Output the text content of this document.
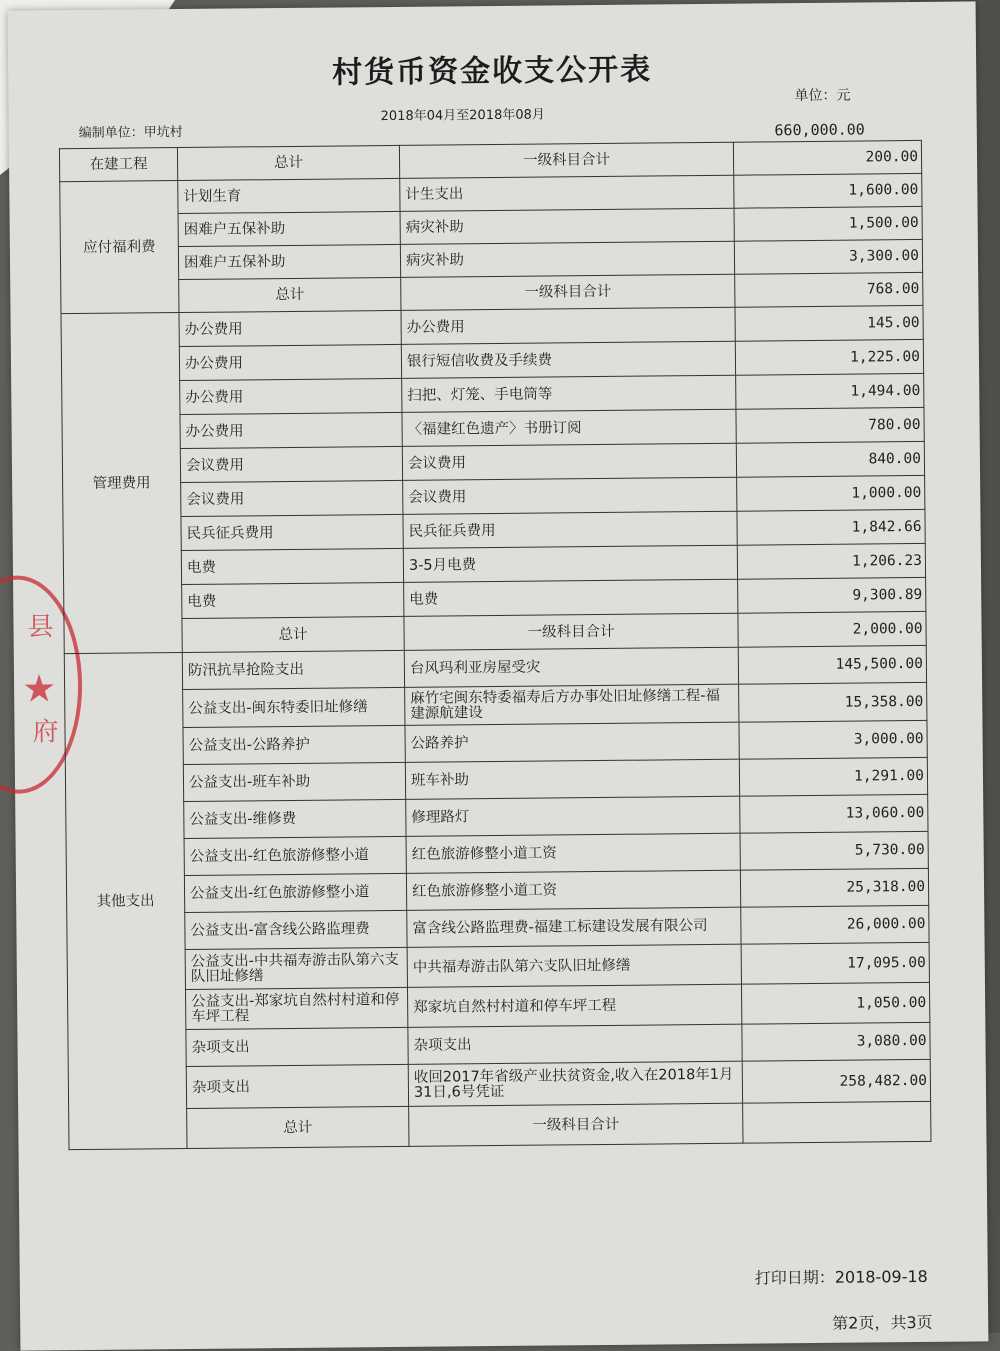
县
★
府
村货币资金收支公开表
单位：元
2018年04月至2018年08月
编制单位：甲坑村	660,000.00
在建工程	总计	一级科目合计	200.00
应付福利费	计划生育	计生支出	1,600.00
	困难户五保补助	病灾补助	1,500.00
	困难户五保补助	病灾补助	3,300.00
	总计	一级科目合计	768.00
管理费用	办公费用	办公费用	145.00
	办公费用	银行短信收费及手续费	1,225.00
	办公费用	扫把、灯笼、手电筒等	1,494.00
	办公费用	〈福建红色遗产〉书册订阅	780.00
	会议费用	会议费用	840.00
	会议费用	会议费用	1,000.00
	民兵征兵费用	民兵征兵费用	1,842.66
	电费	3-5月电费	1,206.23
	电费	电费	9,300.89
	总计	一级科目合计	2,000.00
其他支出	防汛抗旱抢险支出	台风玛利亚房屋受灾	145,500.00
	公益支出-闽东特委旧址修缮	麻竹宅闽东特委福寿后方办事处旧址修缮工程-福建源航建设	15,358.00
	公益支出-公路养护	公路养护	3,000.00
	公益支出-班车补助	班车补助	1,291.00
	公益支出-维修费	修理路灯	13,060.00
	公益支出-红色旅游修整小道	红色旅游修整小道工资	5,730.00
	公益支出-红色旅游修整小道	红色旅游修整小道工资	25,318.00
	公益支出-富含线公路监理费	富含线公路监理费-福建工标建设发展有限公司	26,000.00
	公益支出-中共福寿游击队第六支队旧址修缮	中共福寿游击队第六支队旧址修缮	17,095.00
	公益支出-郑家坑自然村村道和停车坪工程	郑家坑自然村村道和停车坪工程	1,050.00
	杂项支出	杂项支出	3,080.00
	杂项支出	收回2017年省级产业扶贫资金,收入在2018年1月31日,6号凭证	258,482.00
	总计	一级科目合计	
打印日期：2018-09-18
第2页，共3页
